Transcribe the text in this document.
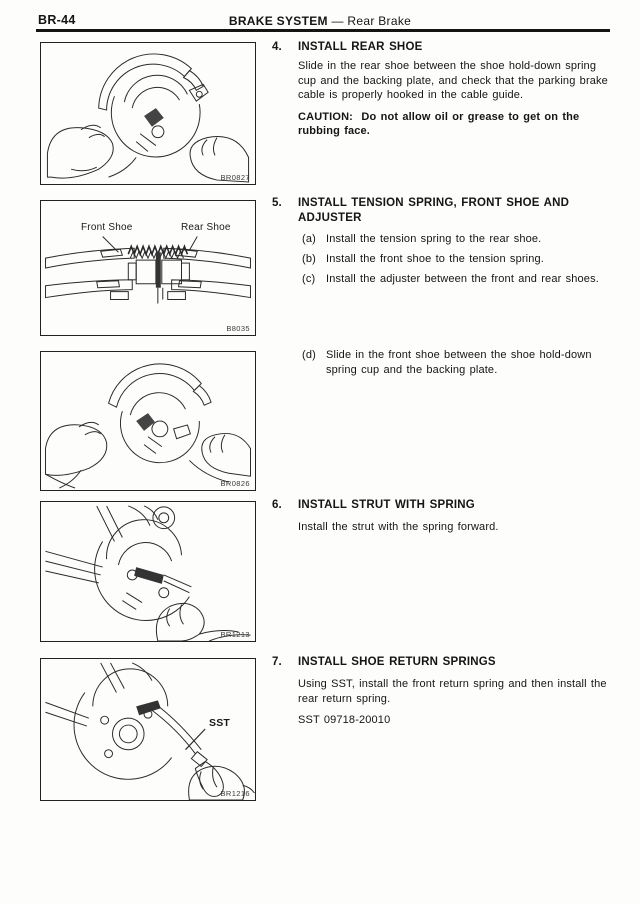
BR-44	BRAKE SYSTEM — Rear Brake
BR0827
Front Shoe	Rear Shoe
B8035
BR0826
BR1213
SST
BR1216
4. INSTALL REAR SHOE

Slide in the rear shoe between the shoe hold-down spring cup and the backing plate, and check that the parking brake cable is properly hooked in the cable guide.

CAUTION: Do not allow oil or grease to get on the rubbing face.

5. INSTALL TENSION SPRING, FRONT SHOE AND ADJUSTER

(a) Install the tension spring to the rear shoe.
(b) Install the front shoe to the tension spring.
(c) Install the adjuster between the front and rear shoes.
(d) Slide in the front shoe between the shoe hold-down spring cup and the backing plate.
6. INSTALL STRUT WITH SPRING

Install the strut with the spring forward.

7. INSTALL SHOE RETURN SPRINGS

Using SST, install the front return spring and then install the rear return spring.

SST 09718-20010
